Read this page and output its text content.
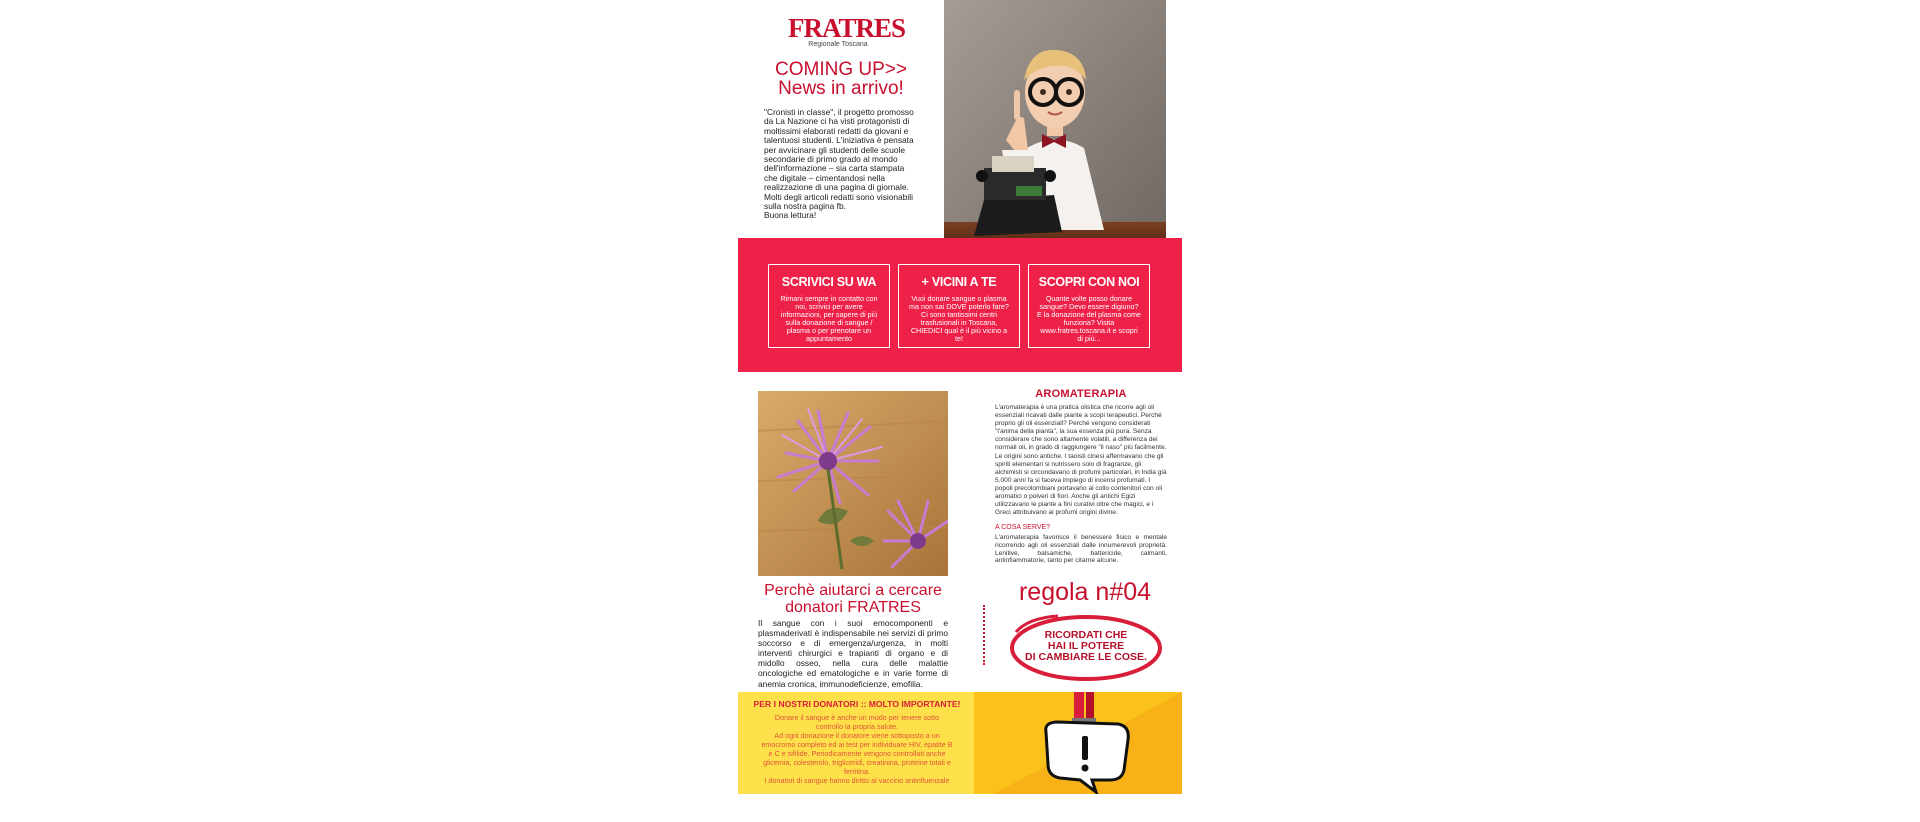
FRATRES
Regionale Toscana
COMING UP>>
News in arrivo!

"Cronisti in classe", il progetto promosso

da La Nazione ci ha visti protagonisti di

moltissimi elaborati redatti da giovani e

talentuosi studenti. L'iniziativa è pensata

per avvicinare gli studenti delle scuole

secondarie di primo grado al mondo

dell'informazione – sia carta stampata

che digitale – cimentandosi nella

realizzazione di una pagina di giornale.

Molti degli articoli redatti sono visionabili

sulla nostra pagina fb.

Buona lettura!

SCRIVICI SU WA
Rimani sempre in contatto con noi, scrivici per avere informazioni, per sapere di più sulla donazione di sangue / plasma o per prenotare un appuntamento
+ VICINI A TE
Vuoi donare sangue o plasma ma non sai DOVE poterlo fare? Ci sono tantissimi centri trasfusionali in Toscana, CHIEDICI qual è il più vicino a te!
SCOPRI CON NOI
Quante volte posso donare sangue? Devo essere digiuno? E la donazione del plasma come funziona? Visita www.fratres.toscana.it e scopri di più...
AROMATERAPIA
L'aromaterapia è una pratica olistica che ricorre agli oli essenziali ricavati dalle piante a scopi terapeutici. Perché proprio gli oli essenziali? Perché vengono considerati "l'anima della pianta", la sua essenza più pura. Senza considerare che sono altamente volatili, a differenza dei normali oli, in grado di raggiungere "il naso" più facilmente. Le origini sono antiche. I taoisti cinesi affermavano che gli spiriti elementari si nutrissero solo di fragranze, gli alchimisti si circondavano di profumi particolari, in India già 5.000 anni fa si faceva impiego di incensi profumati. I popoli precolombiani portavano al collo contenitori con oli aromatici o polveri di fiori. Anche gli antichi Egizi utilizzavano le piante a fini curativi oltre che magici, e i Greci attribuivano ai profumi origini divine.
A COSA SERVE?
L'aromaterapia favorisce il benessere fisico e mentale ricorrendo agli oli essenziali dalle innumerevoli proprietà. Lenitive, balsamiche, battericide, calmanti, antinfiammatorie, tanto per citarne alcune.
Perchè aiutarci a cercare
donatori FRATRES
Il sangue con i suoi emocomponenti e plasmaderivati è indispensabile nei servizi di primo soccorso e di emergenza/urgenza, in molti interventi chirurgici e trapianti di organo e di midollo osseo, nella cura delle malattie oncologiche ed ematologiche e in varie forme di anemia cronica, immunodeficienze, emofilia.
regola n#04
RICORDATI CHE
HAI IL POTERE
DI CAMBIARE LE COSE.
PER I NOSTRI DONATORI :: MOLTO IMPORTANTE!
Donare il sangue è anche un modo per tenere sotto
controllo la propria salute.
Ad ogni donazione il donatore viene sottoposto a un
emocromo completo ed ai test per individuare HIV, epatite B
e C e sifilide. Periodicamente vengono controllati anche
glicemia, colesterolo, trigliceridi, creatinina, proteine totali e
ferritina.
I donatori di sangue hanno diritto al vaccino antinfluenzale
